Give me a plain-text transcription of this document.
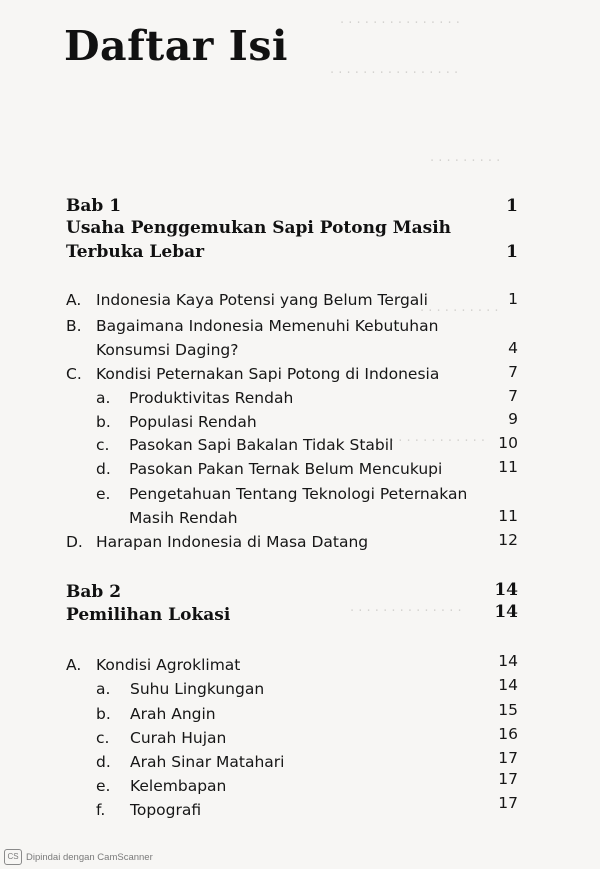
. . . . . . . . . . . . . . .
. . . . . . . . . . . . . . . .
. . . . . . . . .
. . . . . . . . . .
. . . . . . . . . . . .
. . . . . . . . . . . . . .
Daftar Isi
Bab 1	1
Usaha Penggemukan Sapi Potong Masih
Terbuka Lebar	1
A. Indonesia Kaya Potensi yang Belum Tergali	1
B. Bagaimana Indonesia Memenuhi Kebutuhan
Konsumsi Daging?	4
C. Kondisi Peternakan Sapi Potong di Indonesia	7
a. Produktivitas Rendah	7
b. Populasi Rendah	9
c. Pasokan Sapi Bakalan Tidak Stabil	10
d. Pasokan Pakan Ternak Belum Mencukupi	11
e. Pengetahuan Tentang Teknologi Peternakan
Masih Rendah	11
D. Harapan Indonesia di Masa Datang	12
Bab 2	14
Pemilihan Lokasi	14
A. Kondisi Agroklimat	14
a. Suhu Lingkungan	14
b. Arah Angin	15
c. Curah Hujan	16
d. Arah Sinar Matahari	17
e. Kelembapan	17
f. Topografi	17
CS Dipindai dengan CamScanner
